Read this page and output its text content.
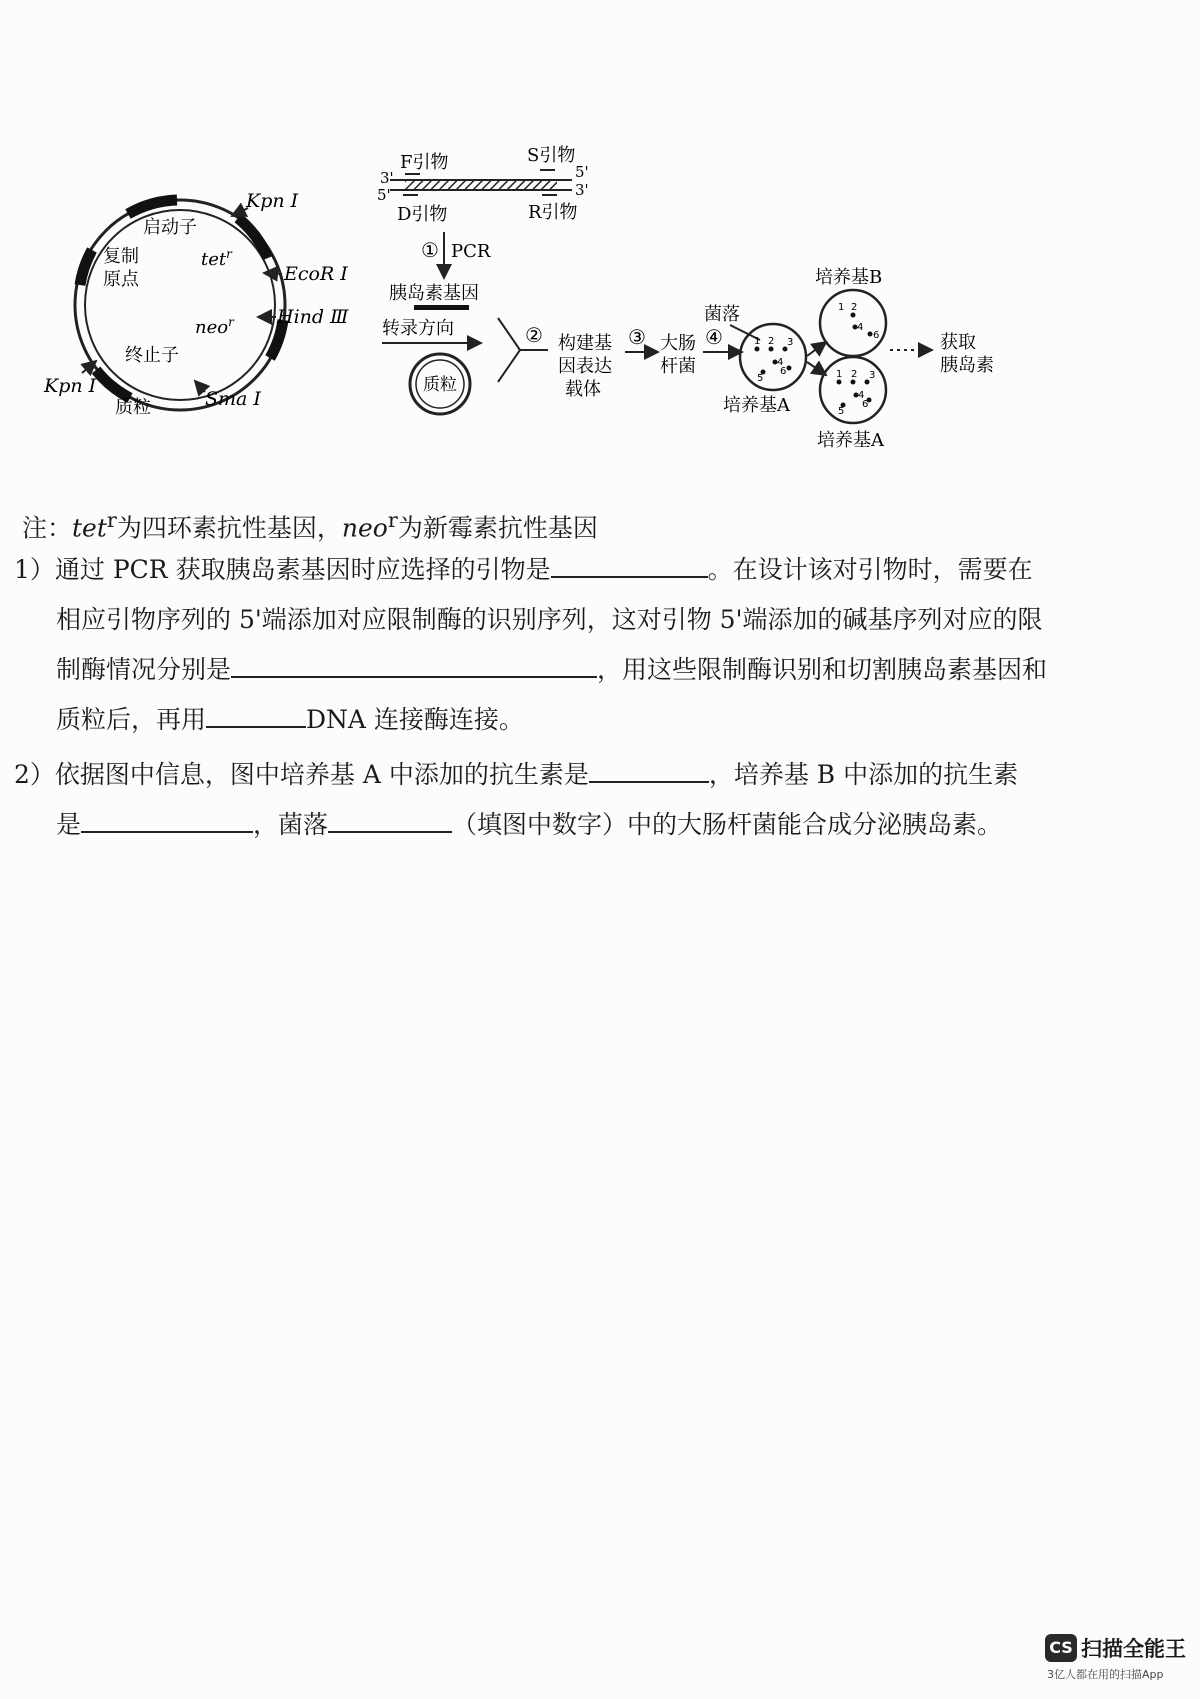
Kpn Ⅰ
启动子
复制
原点
tet$^r$
EcoR Ⅰ
Hind Ⅲ
neo$^r$
终止子
Kpn Ⅰ
Sma Ⅰ
质粒
F引物	S引物
3'
5'
5'
3'
D引物	R引物
① PCR
胰岛素基因
转录方向
质粒
② 构建基
因表达
载体
③ 大肠
杆菌
④
菌落
1 2 3
4
5
6
培养基A
培养基B
1 2
4
6
1 2 3
4
5
6
培养基A
获取
胰岛素
注：tet$^r$为四环素抗性基因，neo$^r$为新霉素抗性基因
1）通过 PCR 获取胰岛素基因时应选择的引物是	。在设计该对引物时，需要在
相应引物序列的 5'端添加对应限制酶的识别序列，这对引物 5'端添加的碱基序列对应的限
制酶情况分别是	，用这些限制酶识别和切割胰岛素基因和
质粒后，再用	DNA 连接酶连接。
2）依据图中信息，图中培养基 A 中添加的抗生素是	，培养基 B 中添加的抗生素
是	，菌落	（填图中数字）中的大肠杆菌能合成分泌胰岛素。
CS 扫描全能王
3亿人都在用的扫描App
